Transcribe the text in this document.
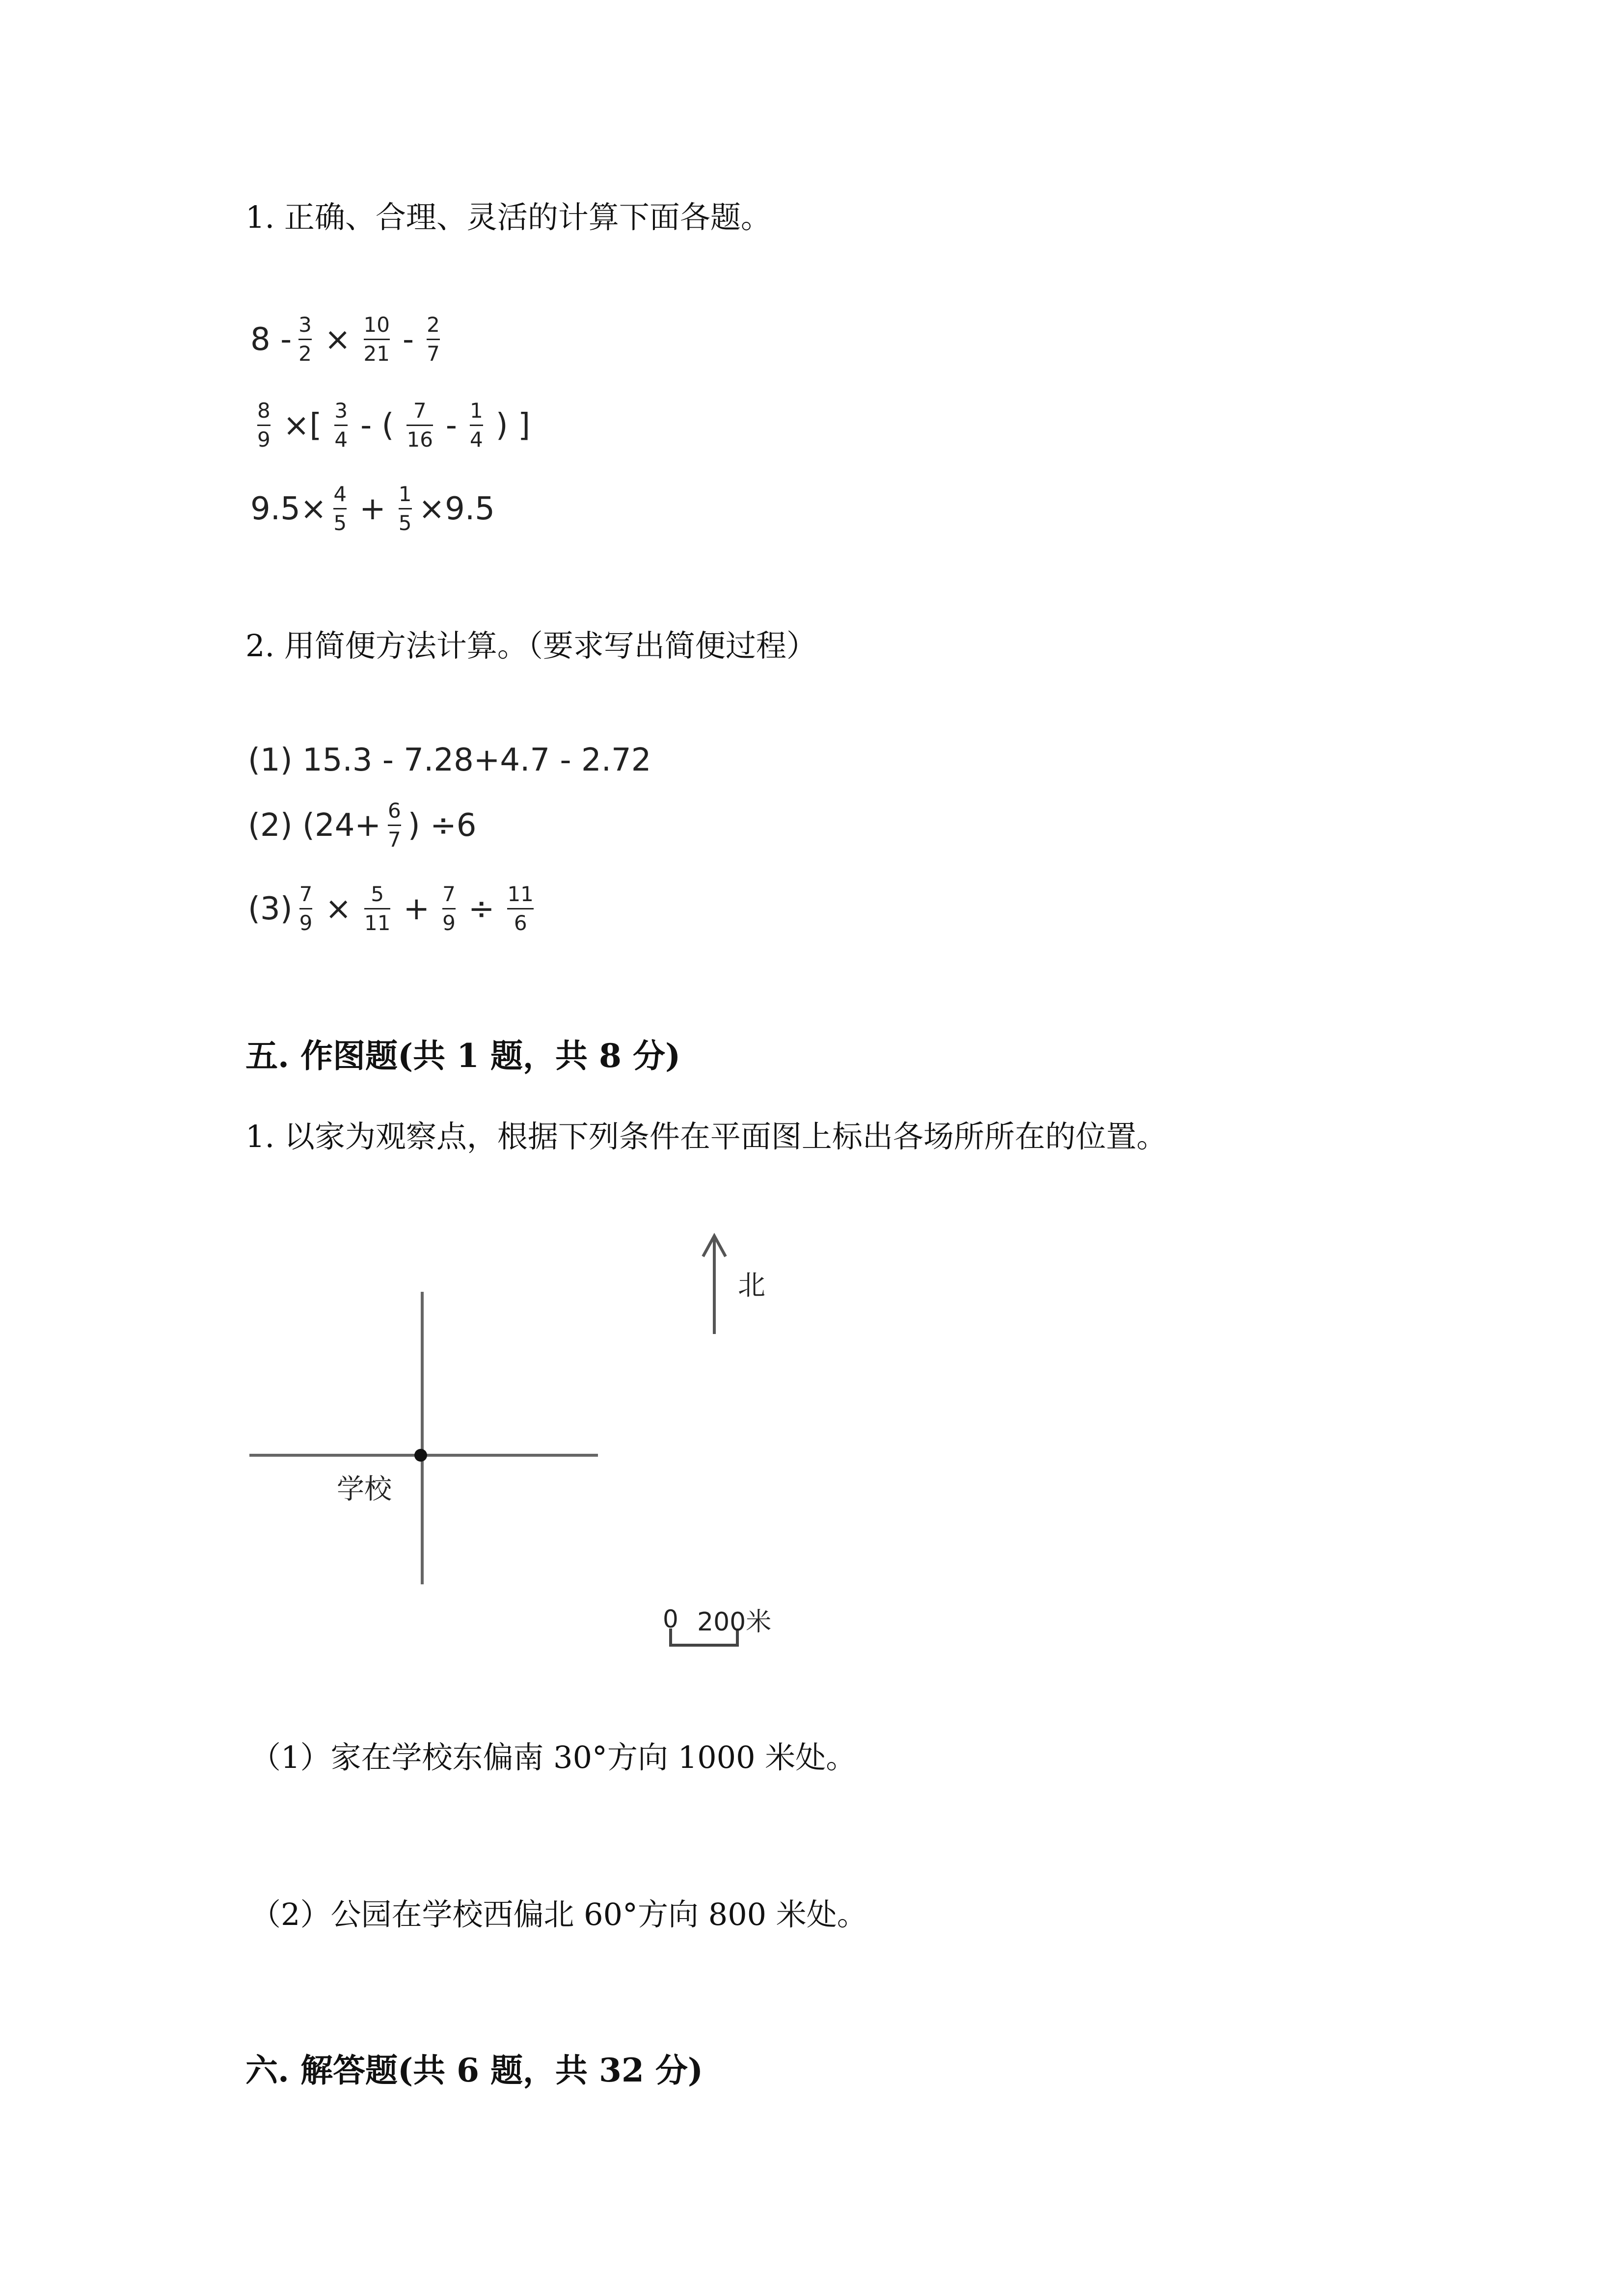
1. 正确、合理、灵活的计算下面各题。
$8 - \frac{3}{2} \times \frac{10}{21} - \frac{2}{7}$
$\frac{8}{9}$ ×[ $\frac{3}{4}$ - ( $\frac{7}{16} - \frac{1}{4}$ ) ]
$9.5\times \frac{4}{5} + \frac{1}{5} \times 9.5$
2. 用简便方法计算。（要求写出简便过程）
(1) 15.3 - 7.28+4.7 - 2.72
(2) ($24+ \frac{6}{7}$ ) ÷6
$(3) \frac{7}{9} \times \frac{5}{11} + \frac{7}{9} \div \frac{11}{6}$
五. 作图题(共 1 题，共 8 分)
1. 以家为观察点，根据下列条件在平面图上标出各场所所在的位置。
北
学校
0 200米
（1）家在学校东偏南 30°方向 1000 米处。
（2）公园在学校西偏北 60°方向 800 米处。
六. 解答题(共 6 题，共 32 分)
